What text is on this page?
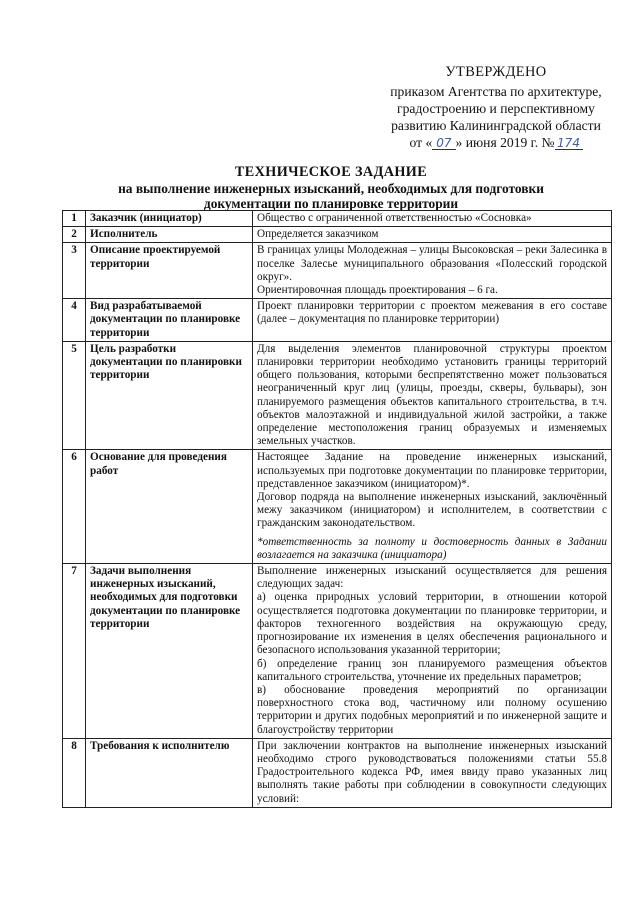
УТВЕРЖДЕНО
приказом Агентства по архитектуре,
градостроению и перспективному
развитию Калининградской области
от « 07 » июня 2019 г. № 174
ТЕХНИЧЕСКОЕ ЗАДАНИЕ
на выполнение инженерных изысканий, необходимых для подготовки
документации по планировке территории
1	Заказчик (инициатор)	Общество с ограниченной ответственностью «Сосновка»

2	Исполнитель	Определяется заказчиком

3	Описание проектируемой территории	В границах улицы Молодежная – улицы Высоковская – реки Залесинка в поселке Залесье муниципального образования «Полесский городской округ».

Ориентировочная площадь проектирования – 6 га.

4	Вид разрабатываемой документации по планировке территории	Проект планировки территории с проектом межевания в его составе (далее – документация по планировке территории)

5	Цель разработки документации по планировки территории	Для выделения элементов планировочной структуры проектом планировки территории необходимо установить границы территорий общего пользования, которыми беспрепятственно может пользоваться неограниченный круг лиц (улицы, проезды, скверы, бульвары), зон планируемого размещения объектов капитального строительства, в т.ч. объектов малоэтажной и индивидуальной жилой застройки, а также определение местоположения границ образуемых и изменяемых земельных участков.

6	Основание для проведения работ	Настоящее Задание на проведение инженерных изысканий, используемых при подготовке документации по планировке территории, представленное заказчиком (инициатором)*.

Договор подряда на выполнение инженерных изысканий, заключённый межу заказчиком (инициатором) и исполнителем, в соответствии с гражданским законодательством.

*ответственность за полноту и достоверность данных в Задании возлагается на заказчика (инициатора)

7	Задачи выполнения инженерных изысканий, необходимых для подготовки документации по планировке территории	Выполнение инженерных изысканий осуществляется для решения следующих задач:

а) оценка природных условий территории, в отношении которой осуществляется подготовка документации по планировке территории, и факторов техногенного воздействия на окружающую среду, прогнозирование их изменения в целях обеспечения рационального и безопасного использования указанной территории;

б) определение границ зон планируемого размещения объектов капитального строительства, уточнение их предельных параметров;

в) обоснование проведения мероприятий по организации поверхностного стока вод, частичному или полному осушению территории и других подобных мероприятий и по инженерной защите и благоустройству территории

8	Требования к исполнителю	При заключении контрактов на выполнение инженерных изысканий необходимо строго руководствоваться положениями статьи 55.8 Градостроительного кодекса РФ, имея ввиду право указанных лиц выполнять такие работы при соблюдении в совокупности следующих условий:
